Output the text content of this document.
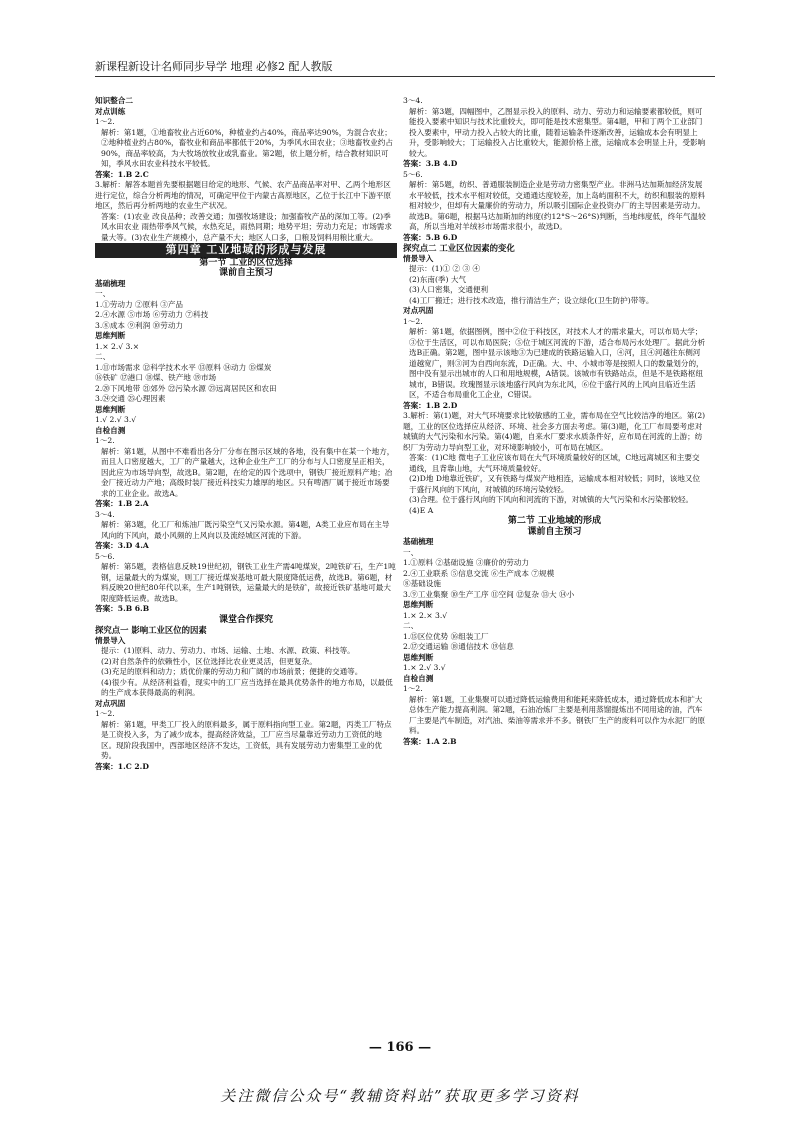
新课程新设计名师同步导学 地理 必修2 配人教版
知识整合二
对点训练
1～2.
解析：第1题，①地畜牧业占近60%，种植业约占40%，商品率达90%，为混合农业；②地种植业约占80%，畜牧业和商品率都低于20%，为季风水田农业；③地畜牧业约占90%，商品率较高，为大牧场放牧业或乳畜业。第2题，依上题分析，结合教材知识可知，季风水田农业科技水平较低。
答案：1.B 2.C
3.解析：解答本题首先要根据题目给定的地形、气候、农产品商品率对甲、乙两个地形区进行定位，综合分析两地的情况，可确定甲位于内蒙古高原地区，乙位于长江中下游平原地区，然后再分析两地的农业生产状况。
答案：(1)农业 改良品种；改善交通；加强牧场建设；加强畜牧产品的深加工等。(2)季风水田农业 雨热带季风气候，水热充足，雨热同期；地势平坦；劳动力充足；市场需求量大等。(3)农业生产规模小，总产量不大；地区人口多，口粮及饲料用粮比重大。
第四章 工业地域的形成与发展
第一节 工业的区位选择
课前自主预习
基础梳理
一、
1.①劳动力 ②原料 ③产品
2.④水源 ⑤市场 ⑥劳动力 ⑦科技
3.⑧成本 ⑨利润 ⑩劳动力
思维判断
1.× 2.√ 3.×
二、
1.⑪市场需求 ⑫科学技术水平 ⑬原料 ⑭动力 ⑮煤炭
⑯铁矿 ⑰港口 ⑱煤、铁产地 ⑲市场
2.⑳下风地带 ㉑郊外 ㉒污染水源 ㉓远离居民区和农田
3.㉔交通 ㉕心理因素
思维判断
1.√ 2.√ 3.√
自检自测
1～2.
解析：第1题，从图中不难看出各分厂分布在图示区域的各地，没有集中在某一个地方，而且人口密度越大，工厂的产量越大，这种企业生产工厂的分布与人口密度呈正相关，因此应为市场导向型，故选B。第2题，在给定的四个选项中，钢铁厂接近原料产地；冶金厂接近动力产地；高级时装厂接近科技实力雄厚的地区。只有啤酒厂属于接近市场要求的工业企业。故选A。
答案：1.B 2.A
3～4.
解析：第3题，化工厂和炼油厂既污染空气又污染水源。第4题，A类工业应布局在主导风向的下风向，最小风频的上风向以及流经城区河流的下游。
答案：3.D 4.A
5～6.
解析：第5题，表格信息反映19世纪初，钢铁工业生产需4吨煤炭，2吨铁矿石，生产1吨钢，运量最大的为煤炭，则工厂接近煤炭基地可最大限度降低运费，故选B。第6题，材料反映20世纪80年代以来，生产1吨钢铁，运量最大的是铁矿，故接近铁矿基地可最大限度降低运费。故选B。
答案：5.B 6.B
课堂合作探究
探究点一 影响工业区位的因素
情景导入
提示：(1)原料、动力、劳动力、市场、运输、土地、水源、政策、科技等。
(2)对自然条件的依赖性小，区位选择比农业更灵活，但更复杂。
(3)充足的原料和动力；质优价廉的劳动力和广阔的市场前景；便捷的交通等。
(4)很少有。从经济利益看，现实中的工厂应当选择在最具优势条件的地方布局，以最低的生产成本获得最高的利润。
对点巩固
1～2.
解析：第1题，甲类工厂投入的原料最多，属于原料指向型工业。第2题，丙类工厂特点是工资投入多，为了减少成本，提高经济效益，工厂应当尽量靠近劳动力工资低的地区。现阶段我国中，西部地区经济不发达，工资低，具有发展劳动力密集型工业的优势。
答案：1.C 2.D
3～4.
解析：第3题，四幅图中，乙图显示投入的原料、动力、劳动力和运输要素都较低，则可能投入要素中知识与技术比重较大，即可能是技术密集型。第4题，甲和丁两个工业部门投入要素中，甲动力投入占较大的比重，随着运输条件逐渐改善，运输成本会有明显上升，受影响较大；丁运输投入占比重较大，能源价格上涨，运输成本会明显上升，受影响较大。
答案：3.B 4.D
5～6.
解析：第5题，纺织、普通服装制造企业是劳动力密集型产业。非洲马达加斯加经济发展水平较低，技术水平相对较低，交通通达度较差，加上岛屿面积不大，纺织和服装的原料相对较少，但却有大量廉价的劳动力，所以吸引国际企业投资办厂的主导因素是劳动力。故选B。第6题，根据马达加斯加的纬度(约12°S～26°S)判断，当地纬度低，终年气温较高，所以当地对羊绒衫市场需求很小，故选D。
答案：5.B 6.D
探究点二 工业区位因素的变化
情景导入
提示：(1)① ② ③ ④
(2)东南(季) 大气
(3)人口密集，交通便利
(4)工厂搬迁；进行技术改造，推行清洁生产；设立绿化(卫生防护)带等。
对点巩固
1～2.
解析：第1题，依据图例，图中②位于科技区，对技术人才的需求量大，可以布局大学；③位于生活区，可以布局医院；⑤位于城区河流的下游，适合布局污水处理厂。据此分析选B正确。第2题，图中显示该地③为已建成的铁路运输入口，④河，且④河越往东侧河道越宽广，则③河为自西向东流，D正确。大、中、小城市等是按照人口的数量划分的，图中没有显示出城市的人口和用地规模，A错误。该城市有铁路站点，但是不是铁路枢纽城市，B错误。玫瑰图显示该地盛行风向为东北风，⑥位于盛行风的上风向且临近生活区，不适合布局重化工企业，C错误。
答案：1.B 2.D
3.解析：第(1)题，对大气环境要求比较敏感的工业，需布局在空气比较洁净的地区。第(2)题，工业的区位选择应从经济、环境、社会多方面去考虑。第(3)题，化工厂布局要考虑对城镇的大气污染和水污染。第(4)题，自来水厂要求水质条件好，应布局在河流的上游；纺织厂为劳动力导向型工业，对环境影响较小，可布局在城区。
答案：(1)C地 微电子工业应该布局在大气环境质量较好的区域，C地远离城区和主要交通线，且背靠山地，大气环境质量较好。
(2)D地 D地靠近铁矿，又有铁路与煤炭产地相连，运输成本相对较低；同时，该地又位于盛行风向的下风向，对城镇的环境污染较轻。
(3)合理。位于盛行风向的下风向和河流的下游，对城镇的大气污染和水污染都较轻。
(4)E A
第二节 工业地域的形成
课前自主预习
基础梳理
一、
1.①原料 ②基础设施 ③廉价的劳动力
2.④工业联系 ⑤信息交流 ⑥生产成本 ⑦规模
⑧基础设施
3.⑨工业集聚 ⑩生产工序 ⑪空间 ⑫复杂 ⑬大 ⑭小
思维判断
1.× 2.× 3.√
二、
1.⑮区位优势 ⑯组装工厂
2.⑰交通运输 ⑱通信技术 ⑲信息
思维判断
1.× 2.√ 3.√
自检自测
1～2.
解析：第1题，工业集聚可以通过降低运输费用和能耗来降低成本，通过降低成本和扩大总体生产能力提高利润。第2题，石油冶炼厂主要是利用蒸馏提炼出不同用途的油，汽车厂主要是汽车制造，对汽油、柴油等需求并不多。钢铁厂生产的废料可以作为水泥厂的原料。
答案：1.A 2.B
— 166 —
关注微信公众号“教辅资料站”获取更多学习资料
